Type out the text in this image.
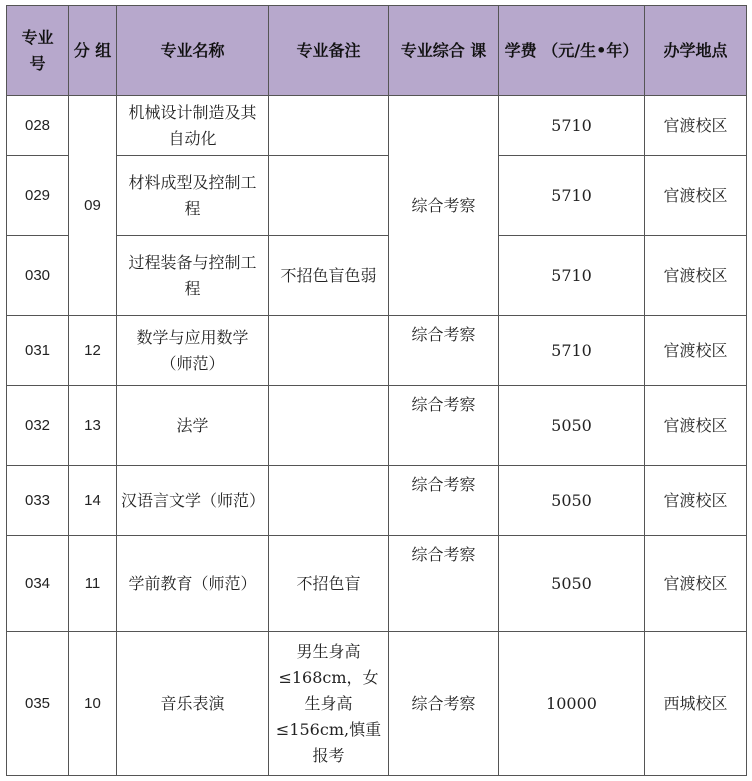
专业 号	分 组	专业名称	专业备注	专业综合 课	学费 （元/生•年）	办学地点
028	09	机械设计制造及其自动化		综合考察	5710	官渡校区
029		材料成型及控制工程			5710	官渡校区
030		过程装备与控制工程	不招色盲色弱		5710	官渡校区
031	12	数学与应用数学（师范）		综合考察	5710	官渡校区
032	13	法学		综合考察	5050	官渡校区
033	14	汉语言文学（师范）		综合考察	5050	官渡校区
034	11	学前教育（师范）	不招色盲	综合考察	5050	官渡校区
035	10	音乐表演	男生身高≤168cm，女生身高≤156cm,慎重报考	综合考察	10000	西城校区
